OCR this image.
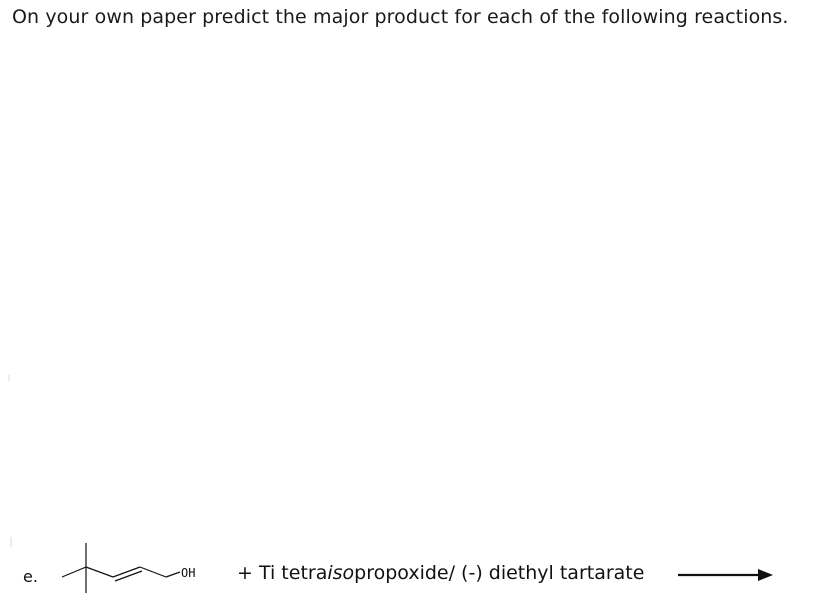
On your own paper predict the major product for each of the following reactions.
e.	OH + Ti tetraisopropoxide/ (-) diethyl tartarate
